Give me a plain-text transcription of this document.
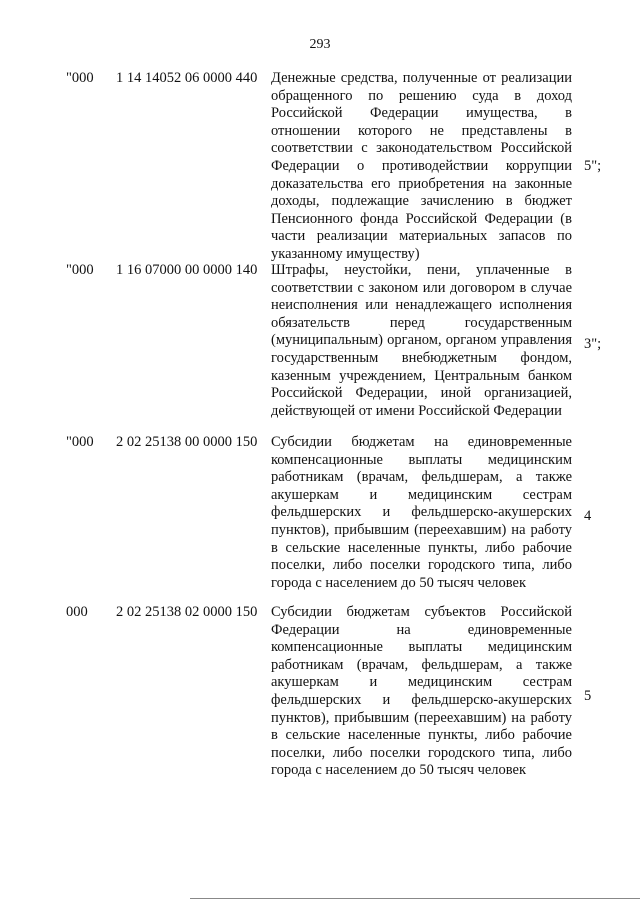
293
"000 1 14 14052 06 0000 440 Денежные средства, полученные от реализации обращенного по решению суда в доход Российской Федерации имущества, в отношении которого не представлены в соответствии с законодательством Российской Федерации о противодействии коррупции доказательства его приобретения на законные доходы, подлежащие зачислению в бюджет Пенсионного фонда Российской Федерации (в части реализации материальных запасов по указанному имуществу)
5";
"000 1 16 07000 00 0000 140 Штрафы, неустойки, пени, уплаченные в соответствии с законом или договором в случае неисполнения или ненадлежащего исполнения обязательств перед государственным (муниципальным) органом, органом управления государственным внебюджетным фондом, казенным учреждением, Центральным банком Российской Федерации, иной организацией, действующей от имени Российской Федерации
3";
"000 2 02 25138 00 0000 150 Субсидии бюджетам на единовременные компенсационные выплаты медицинским работникам (врачам, фельдшерам, а также акушеркам и медицинским сестрам фельдшерских и фельдшерско-акушерских пунктов), прибывшим (переехавшим) на работу в сельские населенные пункты, либо рабочие поселки, либо поселки городского типа, либо города с населением до 50 тысяч человек
4
000 2 02 25138 02 0000 150 Субсидии бюджетам субъектов Российской Федерации на единовременные компенсационные выплаты медицинским работникам (врачам, фельдшерам, а также акушеркам и медицинским сестрам фельдшерских и фельдшерско-акушерских пунктов), прибывшим (переехавшим) на работу в сельские населенные пункты, либо рабочие поселки, либо поселки городского типа, либо города с населением до 50 тысяч человек
5
